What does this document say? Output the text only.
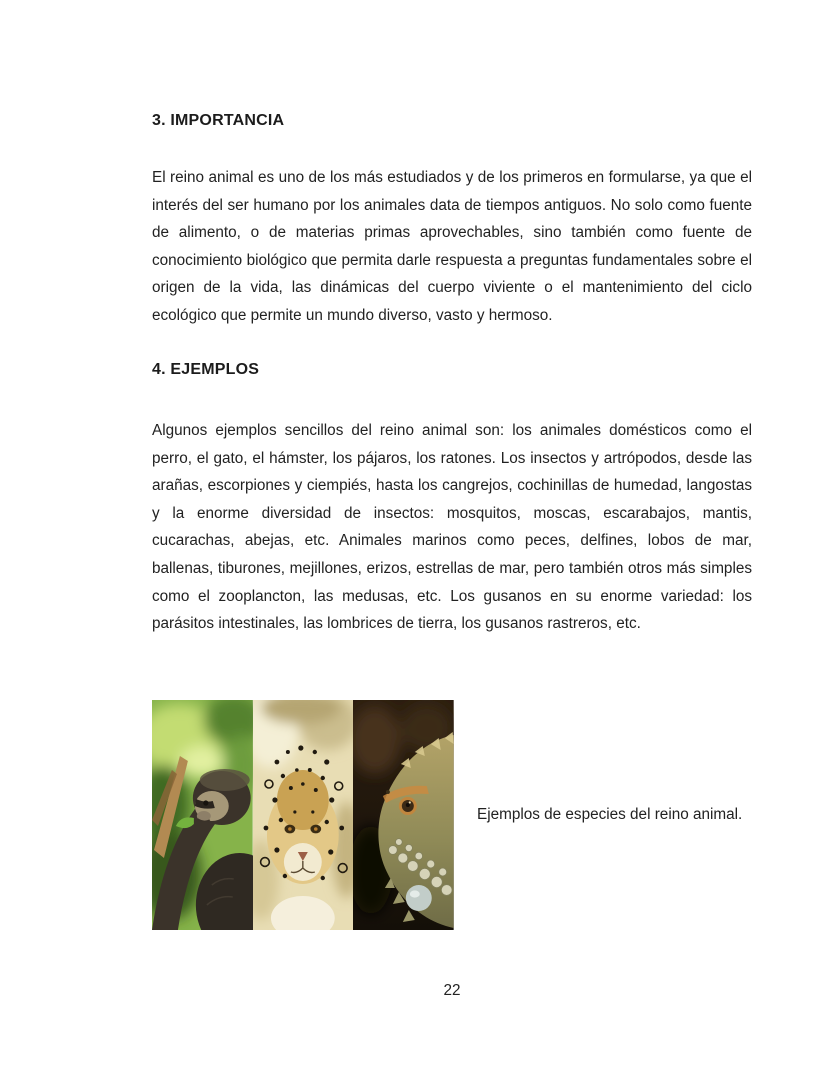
3. IMPORTANCIA
El reino animal es uno de los más estudiados y de los primeros en formularse, ya que el interés del ser humano por los animales data de tiempos antiguos. No solo como fuente de alimento, o de materias primas aprovechables, sino también como fuente de conocimiento biológico que permita darle respuesta a preguntas fundamentales sobre el origen de la vida, las dinámicas del cuerpo viviente o el mantenimiento del ciclo ecológico que permite un mundo diverso, vasto y hermoso.
4. EJEMPLOS
Algunos ejemplos sencillos del reino animal son: los animales domésticos como el perro, el gato, el hámster, los pájaros, los ratones. Los insectos y artrópodos, desde las arañas, escorpiones y ciempiés, hasta los cangrejos, cochinillas de humedad, langostas y la enorme diversidad de insectos: mosquitos, moscas, escarabajos, mantis, cucarachas, abejas, etc. Animales marinos como peces, delfines, lobos de mar, ballenas, tiburones, mejillones, erizos, estrellas de mar, pero también otros más simples como el zooplancton, las medusas, etc. Los gusanos en su enorme variedad: los parásitos intestinales, las lombrices de tierra, los gusanos rastreros, etc.
Ejemplos de especies del reino animal.
22
